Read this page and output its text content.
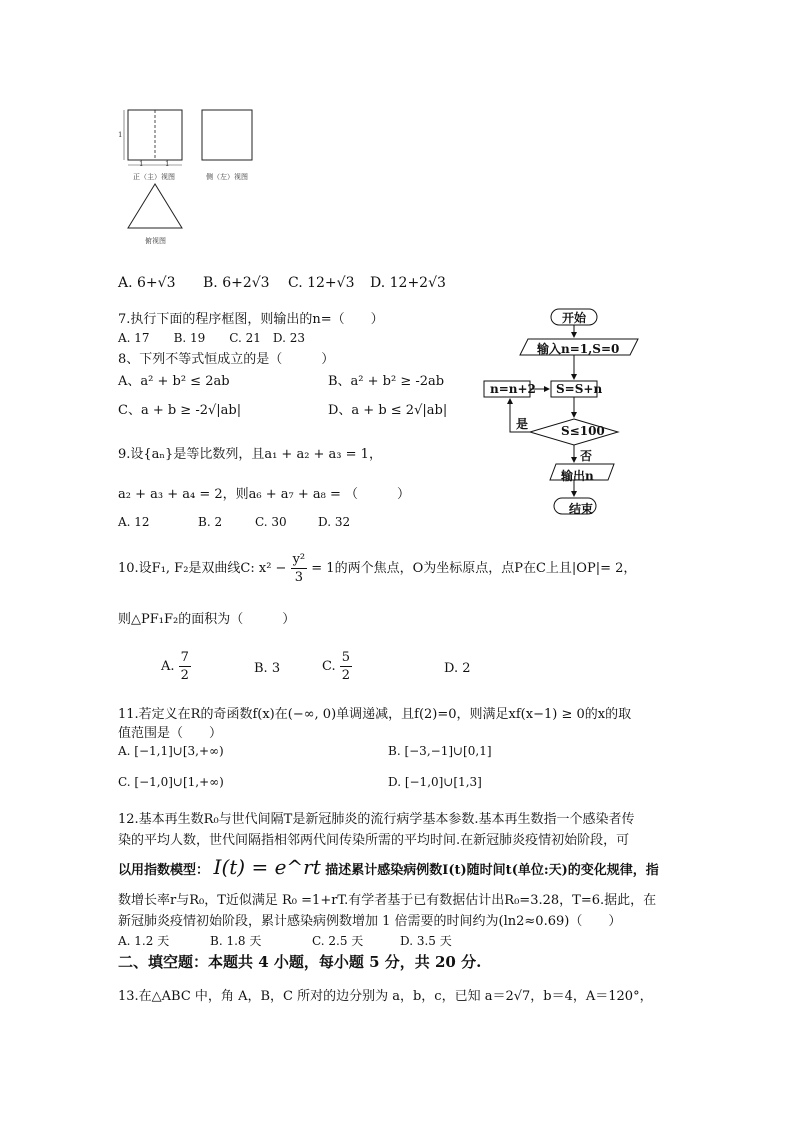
1
1	1
正（主）视图	侧（左）视图
俯视图
A. 6+√3 B. 6+2√3 C. 12+√3 D. 12+2√3
7.执行下面的程序框图，则输出的n=（　　）
A. 17　　B. 19　　C. 21　D. 23
8、下列不等式恒成立的是（　　　）
A、a² + b² ≤ 2ab	B、a² + b² ≥ -2ab
C、a + b ≥ -2√|ab|	D、a + b ≤ 2√|ab|
开始
输入n=1,S=0
n=n+2 S=S+n
是	S≤100
否
输出n
结束
9.设{aₙ}是等比数列，且a₁ + a₂ + a₃ = 1，
a₂ + a₃ + a₄ = 2，则a₆ + a₇ + a₈ = （　　　）
A. 12	B. 2	C. 30	D. 32
10.设F₁, F₂是双曲线C: $x^2 - \frac{\text{y²}}{3} = 1$的两个焦点，O为坐标原点，点P在C上且|OP|= 2，
则△PF₁F₂的面积为（　　　）
A. $\frac{7}{2}$	B. 3	C. $\frac{5}{2}$	D. 2
11.若定义在R的奇函数f(x)在(−∞, 0)单调递减，且f(2)=0，则满足xf(x−1) ≥ 0的x的取
值范围是（　　）
A. [−1,1]∪[3,+∞)	B. [−3,−1]∪[0,1]
C. [−1,0]∪[1,+∞)	D. [−1,0]∪[1,3]
12.基本再生数R₀与世代间隔T是新冠肺炎的流行病学基本参数.基本再生数指一个感染者传
染的平均人数，世代间隔指相邻两代间传染所需的平均时间.在新冠肺炎疫情初始阶段，可
以用指数模型： I(t) = e^rt 描述累计感染病例数I(t)随时间t(单位:天)的变化规律，指
数增长率r与R₀，T近似满足 R₀ =1+rT.有学者基于已有数据估计出R₀=3.28，T=6.据此，在
新冠肺炎疫情初始阶段，累计感染病例数增加 1 倍需要的时间约为(ln2≈0.69)（　　）
A. 1.2 天	B. 1.8 天	C. 2.5 天	D. 3.5 天
二、填空题：本题共 4 小题，每小题 5 分，共 20 分.
13.在△ABC 中，角 A，B，C 所对的边分别为 a，b，c，已知 a＝2√7，b＝4，A＝120°，
